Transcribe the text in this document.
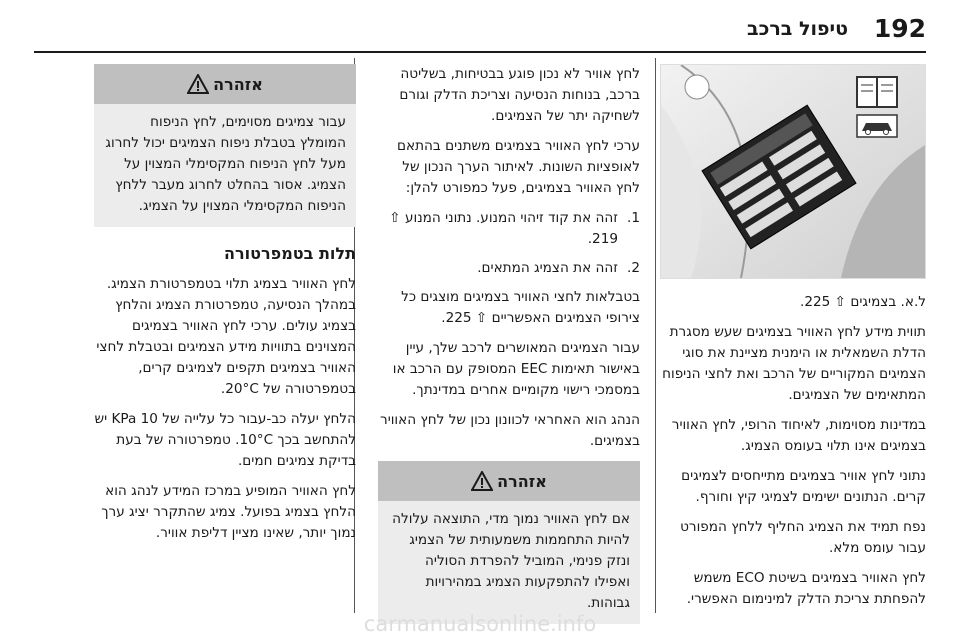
192
טיפול ברכב

ל.א. בצמיגים ⇧ 225.

תווית מידע לחץ האוויר בצמיגים שעש מסגרת הדלת השמאלית או הימנית מציינת את סוגי הצמיגים המקוריים של הרכב ואת לחצי הניפוח המתאימים של הצמיגים.

במדינות מסוימות, לאיחוד הרופי, לחץ האוויר בצמיגים אינו תלוי בעומס הצמיג.

נתוני לחץ אוויר בצמיגים מתייחסים לצמיגים קרים. הנתונים ישימים לצמיגי קיץ וחורף.

נפח תמיד את הצמיג החליף ללחץ המפורט עבור עומס מלא.

לחץ האוויר בצמיגים בשיטת ECO משמש להפחתת צריכת הדלק למינימום האפשרי.

לחץ אוויר לא נכון פוגע בבטיחות, בשליטה ברכב, בנוחות הנסיעה וצריכת הדלק וגורם לשחיקה יתר של הצמיגים.

ערכי לחץ האוויר בצמיגים משתנים בהתאם לאופציות השונות. לאיתור הערך הנכון של לחץ האוויר בצמיגים, פעל כמפורט להלן:

1.
זהה את קוד זיהוי המנוע. נתוני המנוע ⇧ 219.
2.
זהה את הצמיג המתאים.

בטבלאות לחצי האוויר בצמיגים מוצגים כל צירופי הצמיגים האפשריים ⇧ 225.

עבור הצמיגים המאושרים לרכב שלך, עיין באישור תאימות EEC המסופק עם הרכב או במסמכי רישוי מקומיים אחרים במדינתך.

הנהג הוא האחראי לכוונון נכון של לחץ האוויר בצמיגים.

אזהרה
אם לחץ האוויר נמוך מדי, התוצאה עלולה להיות התחממות משמעותית של הצמיג ונזק פנימי, המוביל להפרדת הסוליה ואפילו להתפקעות הצמיג במהירויות גבוהות.
אזהרה
עבור צמיגים מסוימים, לחץ הניפוח המומלץ בטבלת ניפוח הצמיגים יכול לחרוג מעל לחץ הניפוח המקסימלי המצוין על הצמיג. אסור בהחלט לחרוג מעבר ללחץ הניפוח המקסימלי המצוין על הצמיג.
תלות בטמפרטורה

לחץ האוויר בצמיג תלוי בטמפרטורת הצמיג. במהלך הנסיעה, טמפרטורת הצמיג והלחץ בצמיג עולים. ערכי לחץ האוויר בצמיגים המצוינים בתוויות מידע הצמיגים ובטבלת לחצי האוויר בצמיגים תקפים לצמיגים קרים, בטמפרטורה של 20°C.

הלחץ יעלה כב-עבור כל עלייה של 10 KPa יש להתחשב בכך 10°C. טמפרטורה של בעת בדיקת צמיגים חמים.

לחץ האוויר המופיע במרכז המידע לנהג הוא הלחץ בצמיג בפועל. צמיג שהתקרר יציג ערך נמוך יותר, שאינו מציין דליפת אוויר.

carmanualsonline.info
